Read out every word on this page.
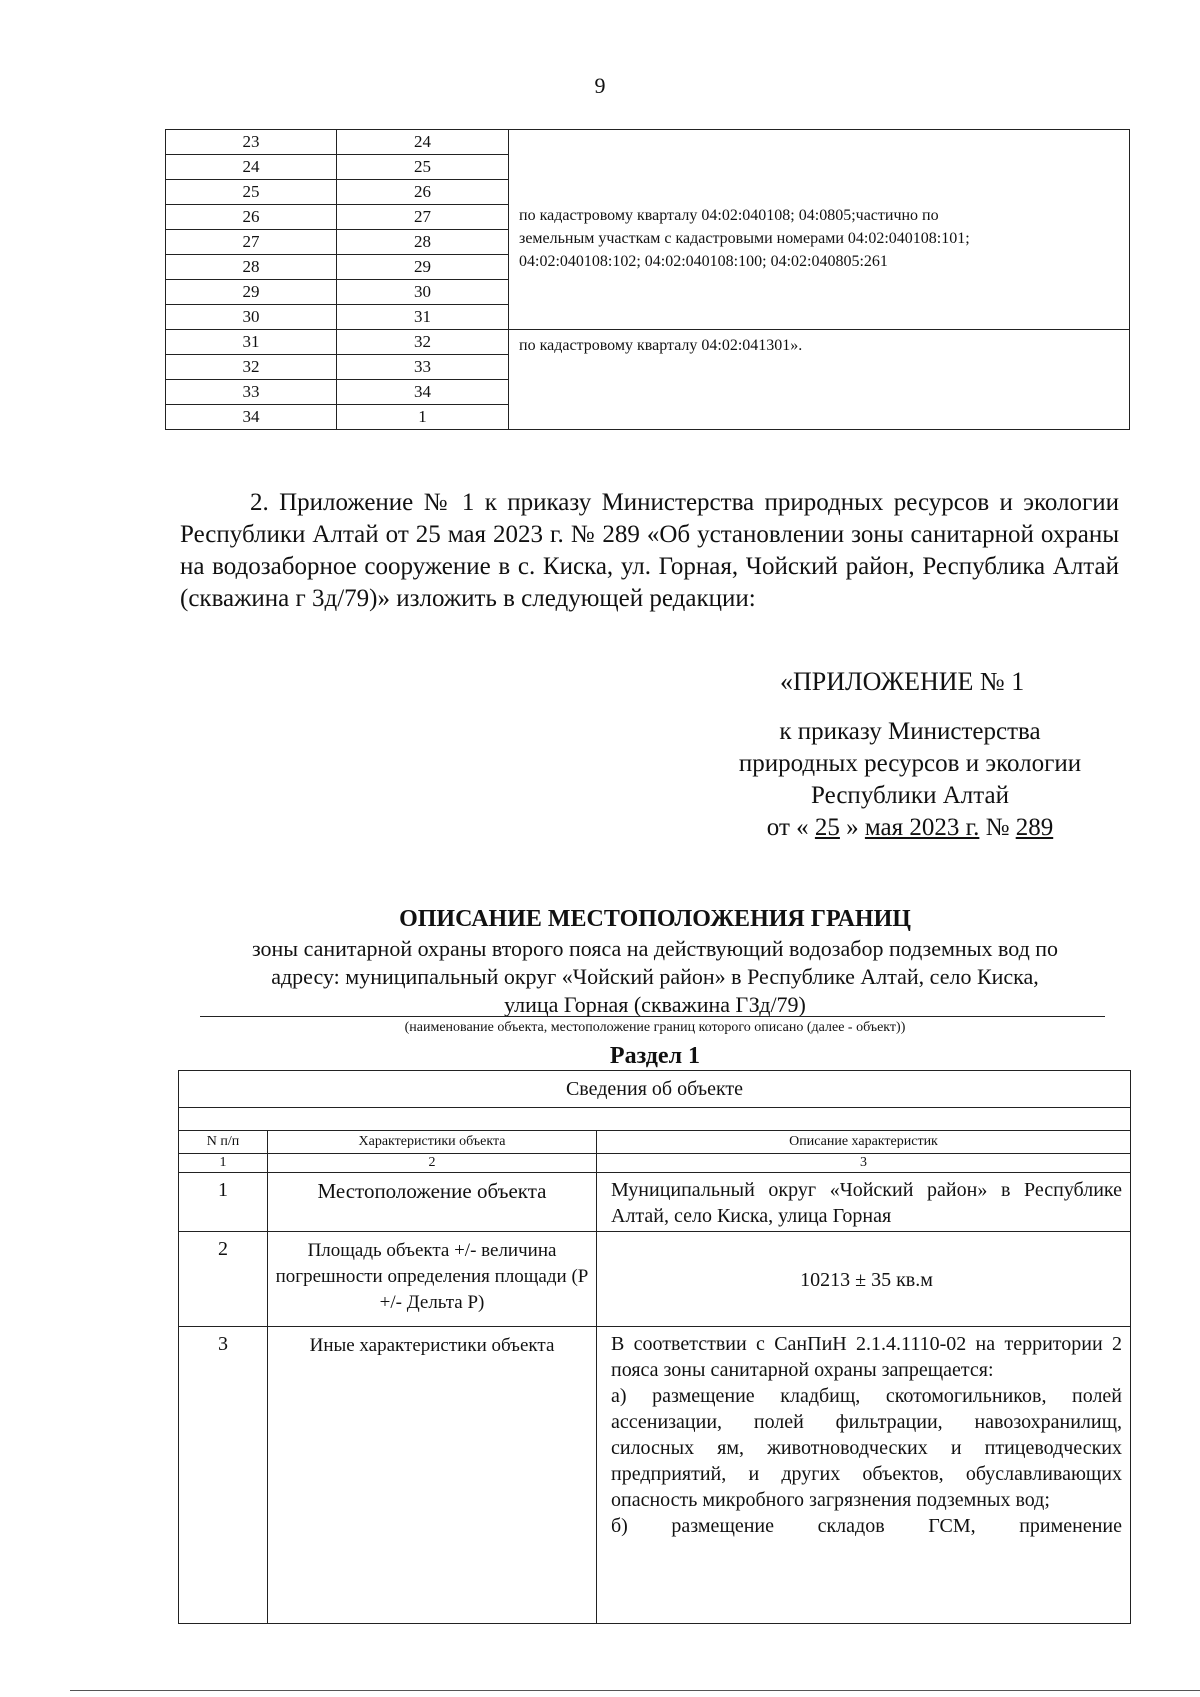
9
23	24	по кадастровому кварталу 04:02:040108; 04:0805;частично по
земельным участкам с кадастровыми номерами 04:02:040108:101;
04:02:040108:102; 04:02:040108:100; 04:02:040805:261

24	25	
25	26	
26	27	
27	28	
28	29	
29	30	
30	31	
31	32	по кадастровому кварталу 04:02:041301».

32	33	
33	34	
34	1	
2. Приложение № 1 к приказу Министерства природных ресурсов и экологии Республики Алтай от 25 мая 2023 г. № 289 «Об установлении зоны санитарной охраны на водозаборное сооружение в с. Киска, ул. Горная, Чойский район, Республика Алтай (скважина г 3д/79)» изложить в следующей редакции:
«ПРИЛОЖЕНИЕ № 1
к приказу Министерства
природных ресурсов и экологии
Республики Алтай
от « 25 » мая 2023 г. № 289
ОПИСАНИЕ МЕСТОПОЛОЖЕНИЯ ГРАНИЦ
зоны санитарной охраны второго пояса на действующий водозабор подземных вод по
адресу: муниципальный округ «Чойский район» в Республике Алтай, село Киска,
улица Горная (скважина ГЗд/79)
(наименование объекта, местоположение границ которого описано (далее - объект))
Раздел 1
Сведения об объекте		

N п/п	Характеристики объекта	Описание характеристик
1	2	3
1	Местоположение объекта	Муниципальный округ «Чойский район» в Республике Алтай, село Киска, улица Горная
2	Площадь объекта +/- величина погрешности определения площади (Р +/- Дельта Р)	10213 ± 35 кв.м
3	Иные характеристики объекта	В соответствии с СанПиН 2.1.4.1110-02 на территории 2 пояса зоны санитарной охраны запрещается:
а) размещение кладбищ, скотомогильников, полей ассенизации, полей фильтрации, навозохранилищ, силосных ям, животноводческих и птицеводческих предприятий, и других объектов, обуславливающих опасность микробного загрязнения подземных вод;
б) размещение складов ГСМ, применение
